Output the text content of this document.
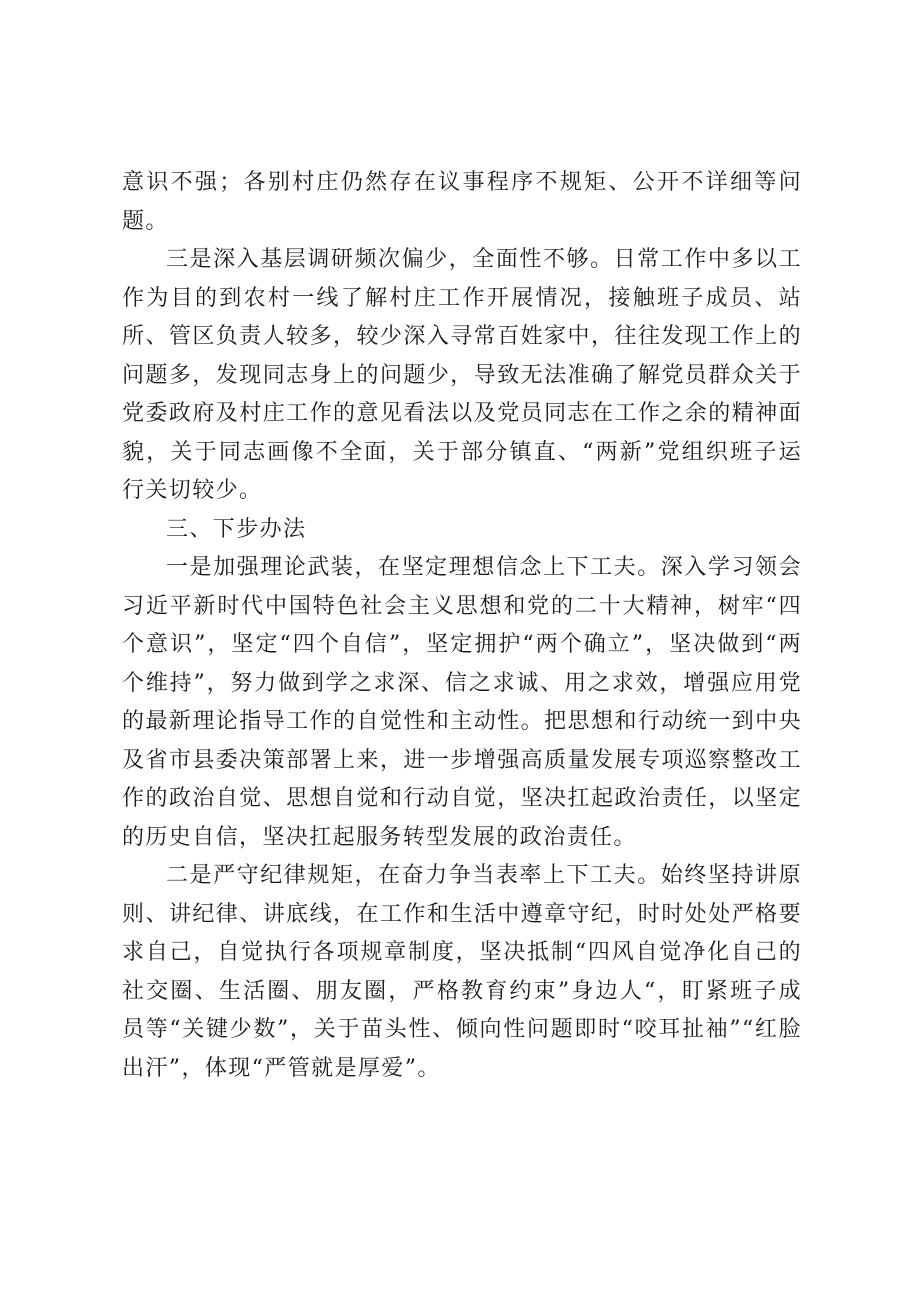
意识不强；各别村庄仍然存在议事程序不规矩、公开不详细等问题。

三是深入基层调研频次偏少，全面性不够。日常工作中多以工作为目的到农村一线了解村庄工作开展情况，接触班子成员、站所、管区负责人较多，较少深入寻常百姓家中，往往发现工作上的问题多，发现同志身上的问题少，导致无法准确了解党员群众关于党委政府及村庄工作的意见看法以及党员同志在工作之余的精神面貌，关于同志画像不全面，关于部分镇直、“两新”党组织班子运行关切较少。

三、下步办法

一是加强理论武装，在坚定理想信念上下工夫。深入学习领会习近平新时代中国特色社会主义思想和党的二十大精神，树牢“四个意识”，坚定“四个自信”，坚定拥护“两个确立”，坚决做到“两个维持”，努力做到学之求深、信之求诚、用之求效，增强应用党的最新理论指导工作的自觉性和主动性。把思想和行动统一到中央及省市县委决策部署上来，进一步增强高质量发展专项巡察整改工作的政治自觉、思想自觉和行动自觉，坚决扛起政治责任，以坚定的历史自信，坚决扛起服务转型发展的政治责任。

二是严守纪律规矩，在奋力争当表率上下工夫。始终坚持讲原则、讲纪律、讲底线，在工作和生活中遵章守纪，时时处处严格要求自己，自觉执行各项规章制度，坚决抵制“四风自觉净化自己的社交圈、生活圈、朋友圈，严格教育约束”身边人“，盯紧班子成员等“关键少数”，关于苗头性、倾向性问题即时“咬耳扯袖”“红脸出汗”，体现“严管就是厚爱”。
